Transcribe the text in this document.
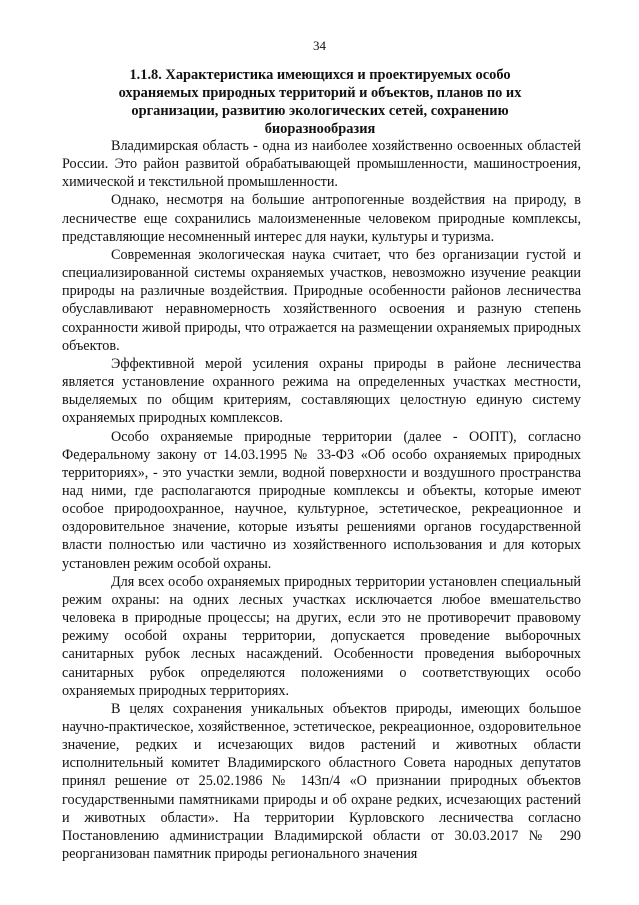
34
1.1.8. Характеристика имеющихся и проектируемых особо охраняемых природных территорий и объектов, планов по их организации, развитию экологических сетей, сохранению биоразнообразия

Владимирская область - одна из наиболее хозяйственно освоенных областей России. Это район развитой обрабатывающей промышленности, машиностроения, химической и текстильной промышленности.

Однако, несмотря на большие антропогенные воздействия на природу, в лесничестве еще сохранились малоизмененные человеком природные комплексы, представляющие несомненный интерес для науки, культуры и туризма.

Современная экологическая наука считает, что без организации густой и специализированной системы охраняемых участков, невозможно изучение реакции природы на различные воздействия. Природные особенности районов лесничества обуславливают неравномерность хозяйственного освоения и разную степень сохранности живой природы, что отражается на размещении охраняемых природных объектов.

Эффективной мерой усиления охраны природы в районе лесничества является установление охранного режима на определенных участках местности, выделяемых по общим критериям, составляющих целостную единую систему охраняемых природных комплексов.

Особо охраняемые природные территории (далее - ООПТ), согласно Федеральному закону от 14.03.1995 № 33-ФЗ «Об особо охраняемых природных территориях», - это участки земли, водной поверхности и воздушного пространства над ними, где располагаются природные комплексы и объекты, которые имеют особое природоохранное, научное, культурное, эстетическое, рекреационное и оздоровительное значение, которые изъяты решениями органов государственной власти полностью или частично из хозяйственного использования и для которых установлен режим особой охраны.

Для всех особо охраняемых природных территории установлен специальный режим охраны: на одних лесных участках исключается любое вмешательство человека в природные процессы; на других, если это не противоречит правовому режиму особой охраны территории, допускается проведение выборочных санитарных рубок лесных насаждений. Особенности проведения выборочных санитарных рубок определяются положениями о соответствующих особо охраняемых природных территориях.

В целях сохранения уникальных объектов природы, имеющих большое научно-практическое, хозяйственное, эстетическое, рекреационное, оздоровительное значение, редких и исчезающих видов растений и животных области исполнительный комитет Владимирского областного Совета народных депутатов принял решение от 25.02.1986 № 143п/4 «О признании природных объектов государственными памятниками природы и об охране редких, исчезающих растений и животных области». На территории Курловского лесничества согласно Постановлению администрации Владимирской области от 30.03.2017 № 290 реорганизован памятник природы регионального значения
